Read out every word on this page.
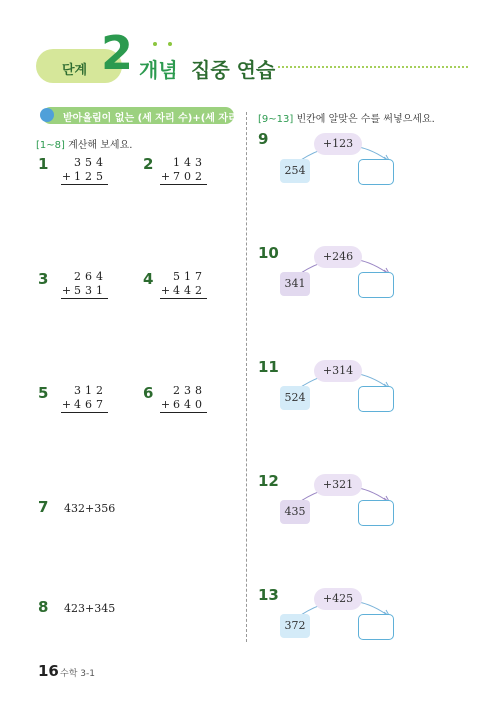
단계 2 개념 집중 연습
받아올림이 없는 (세 자리 수)+(세 자리 수)
[1~8] 계산해 보세요.
[9~13] 빈칸에 알맞은 수를 써넣으세요.
1 3 5 4
+ 1 2 5
2 1 4 3
+ 7 0 2
3 2 6 4
+ 5 3 1
4 5 1 7
+ 4 4 2
5 3 1 2
+ 4 6 7
6 2 3 8
+ 6 4 0
7 432+356
8 423+345
9	+123
254
10	+246
341
11	+314
524
12	+321
435
13	+425
372
16 수학 3-1
